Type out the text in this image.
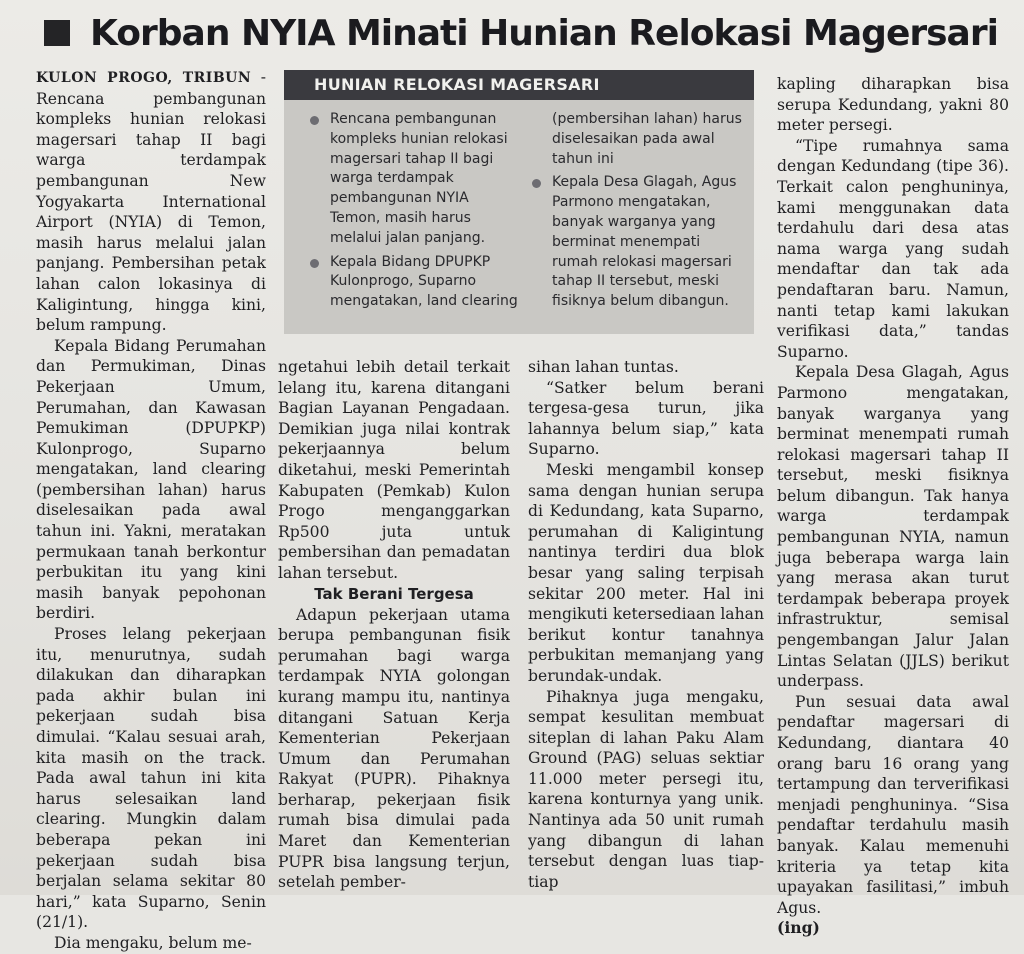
Korban NYIA Minati Hunian Relokasi Magersari

KULON PROGO, TRIBUN - Rencana pembangunan kompleks hunian relokasi magersari tahap II bagi warga terdampak pembangunan New Yogyakarta International Airport (NYIA) di Temon, masih harus melalui jalan panjang. Pembersihan petak lahan calon lokasinya di Kaligintung, hingga kini, belum rampung.

Kepala Bidang Perumahan dan Permukiman, Dinas Pekerjaan Umum, Perumahan, dan Kawasan Pemukiman (DPUPKP) Kulonprogo, Suparno mengatakan, land clearing (pembersihan lahan) harus diselesaikan pada awal tahun ini. Yakni, meratakan permukaan tanah berkontur perbukitan itu yang kini masih banyak pepohonan berdiri.

Proses lelang pekerjaan itu, menurutnya, sudah dilakukan dan diharapkan pada akhir bulan ini pekerjaan sudah bisa dimulai. “Kalau sesuai arah, kita masih on the track. Pada awal tahun ini kita harus selesaikan land clearing. Mungkin dalam beberapa pekan ini pekerjaan sudah bisa berjalan selama sekitar 80 hari,” kata Suparno, Senin (21/1).

Dia mengaku, belum me-

HUNIAN RELOKASI MAGERSARI
Rencana pembangunan kompleks hunian relokasi magersari tahap II bagi warga terdampak pembangunan NYIA Temon, masih harus melalui jalan panjang.
Kepala Bidang DPUPKP Kulonprogo, Suparno mengatakan, land clearing
(pembersihan lahan) harus diselesaikan pada awal tahun ini
Kepala Desa Glagah, Agus Parmono mengatakan, banyak warganya yang berminat menempati rumah relokasi magersari tahap II tersebut, meski fisiknya belum dibangun.

ngetahui lebih detail terkait lelang itu, karena ditangani Bagian Layanan Pengadaan. Demikian juga nilai kontrak pekerjaannya belum diketahui, meski Pemerintah Kabupaten (Pemkab) Kulon Progo menganggarkan Rp500 juta untuk pembersihan dan pemadatan lahan tersebut.

Tak Berani Tergesa

Adapun pekerjaan utama berupa pembangunan fisik perumahan bagi warga terdampak NYIA golongan kurang mampu itu, nantinya ditangani Satuan Kerja Kementerian Pekerjaan Umum dan Perumahan Rakyat (PUPR). Pihaknya berharap, pekerjaan fisik rumah bisa dimulai pada Maret dan Kementerian PUPR bisa langsung terjun, setelah pember-

sihan lahan tuntas.

“Satker belum berani tergesa-gesa turun, jika lahannya belum siap,” kata Suparno.

Meski mengambil konsep sama dengan hunian serupa di Kedundang, kata Suparno, perumahan di Kaligintung nantinya terdiri dua blok besar yang saling terpisah sekitar 200 meter. Hal ini mengikuti ketersediaan lahan berikut kontur tanahnya perbukitan memanjang yang berundak-undak.

Pihaknya juga mengaku, sempat kesulitan membuat siteplan di lahan Paku Alam Ground (PAG) seluas sektiar 11.000 meter persegi itu, karena konturnya yang unik. Nantinya ada 50 unit rumah yang dibangun di lahan tersebut dengan luas tiap-tiap

kapling diharapkan bisa serupa Kedundang, yakni 80 meter persegi.

“Tipe rumahnya sama dengan Kedundang (tipe 36). Terkait calon penghuninya, kami menggunakan data terdahulu dari desa atas nama warga yang sudah mendaftar dan tak ada pendaftaran baru. Namun, nanti tetap kami lakukan verifikasi data,” tandas Suparno.

Kepala Desa Glagah, Agus Parmono mengatakan, banyak warganya yang berminat menempati rumah relokasi magersari tahap II tersebut, meski fisiknya belum dibangun. Tak hanya warga terdampak pembangunan NYIA, namun juga beberapa warga lain yang merasa akan turut terdampak beberapa proyek infrastruktur, semisal pengembangan Jalur Jalan Lintas Selatan (JJLS) berikut underpass.

Pun sesuai data awal pendaftar magersari di Kedundang, diantara 40 orang baru 16 orang yang tertampung dan terverifikasi menjadi penghuninya. “Sisa pendaftar terdahulu masih banyak. Kalau memenuhi kriteria ya tetap kita upayakan fasilitasi,” imbuh Agus.

(ing)
